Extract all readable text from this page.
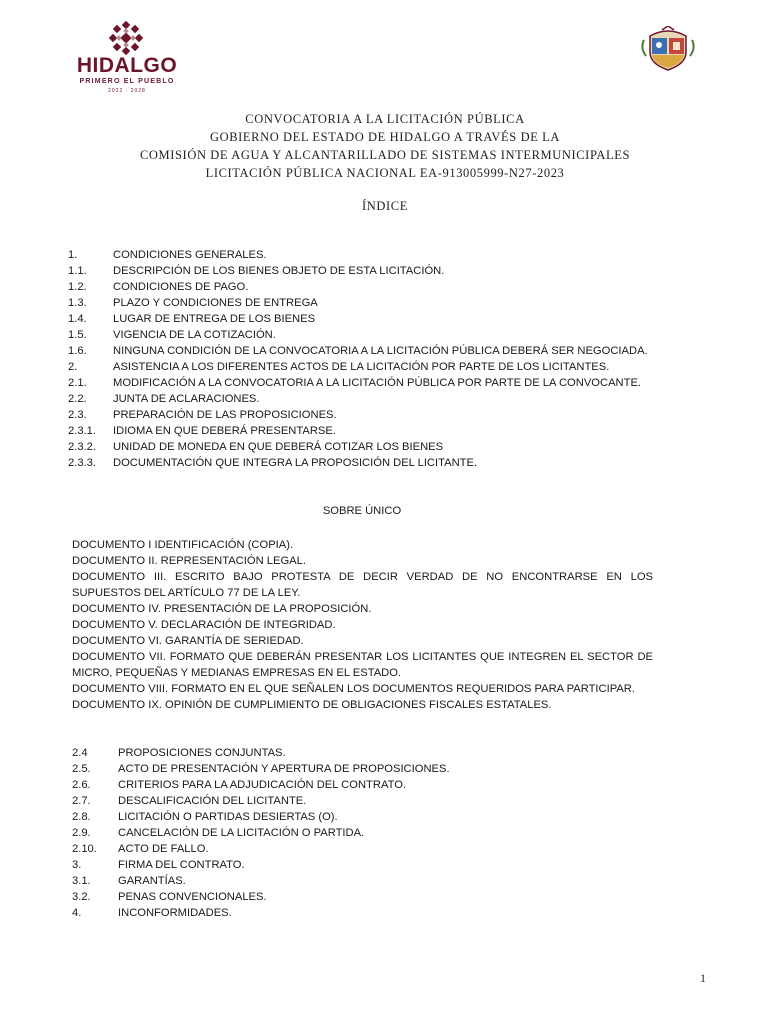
HIDALGO
PRIMERO EL PUEBLO
2022 · 2028
CONVOCATORIA A LA LICITACIÓN PÚBLICA
GOBIERNO DEL ESTADO DE HIDALGO A TRAVÉS DE LA
COMISIÓN DE AGUA Y ALCANTARILLADO DE SISTEMAS INTERMUNICIPALES
LICITACIÓN PÚBLICA NACIONAL EA-913005999-N27-2023
ÍNDICE
1.	CONDICIONES GENERALES.
1.1.	DESCRIPCIÓN DE LOS BIENES OBJETO DE ESTA LICITACIÓN.
1.2.	CONDICIONES DE PAGO.
1.3.	PLAZO Y CONDICIONES DE ENTREGA
1.4.	LUGAR DE ENTREGA DE LOS BIENES
1.5.	VIGENCIA DE LA COTIZACIÓN.
1.6.	NINGUNA CONDICIÓN DE LA CONVOCATORIA A LA LICITACIÓN PÚBLICA DEBERÁ SER NEGOCIADA.
2.	ASISTENCIA A LOS DIFERENTES ACTOS DE LA LICITACIÓN POR PARTE DE LOS LICITANTES.
2.1.	MODIFICACIÓN A LA CONVOCATORIA A LA LICITACIÓN PÚBLICA POR PARTE DE LA CONVOCANTE.
2.2.	JUNTA DE ACLARACIONES.
2.3.	PREPARACIÓN DE LAS PROPOSICIONES.
2.3.1.	IDIOMA EN QUE DEBERÁ PRESENTARSE.
2.3.2.	UNIDAD DE MONEDA EN QUE DEBERÁ COTIZAR LOS BIENES
2.3.3.	DOCUMENTACIÓN QUE INTEGRA LA PROPOSICIÓN DEL LICITANTE.
SOBRE ÚNICO
DOCUMENTO I IDENTIFICACIÓN (COPIA).
DOCUMENTO II. REPRESENTACIÓN LEGAL.
DOCUMENTO III. ESCRITO BAJO PROTESTA DE DECIR VERDAD DE NO ENCONTRARSE EN LOS SUPUESTOS DEL ARTÍCULO 77 DE LA LEY.
DOCUMENTO IV. PRESENTACIÓN DE LA PROPOSICIÓN.
DOCUMENTO V. DECLARACIÓN DE INTEGRIDAD.
DOCUMENTO VI. GARANTÍA DE SERIEDAD.
DOCUMENTO VII. FORMATO QUE DEBERÁN PRESENTAR LOS LICITANTES QUE INTEGREN EL SECTOR DE MICRO, PEQUEÑAS Y MEDIANAS EMPRESAS EN EL ESTADO.
DOCUMENTO VIII. FORMATO EN EL QUE SEÑALEN LOS DOCUMENTOS REQUERIDOS PARA PARTICIPAR.
DOCUMENTO IX. OPINIÓN DE CUMPLIMIENTO DE OBLIGACIONES FISCALES ESTATALES.
2.4	PROPOSICIONES CONJUNTAS.
2.5.	ACTO DE PRESENTACIÓN Y APERTURA DE PROPOSICIONES.
2.6.	CRITERIOS PARA LA ADJUDICACIÓN DEL CONTRATO.
2.7.	DESCALIFICACIÓN DEL LICITANTE.
2.8.	LICITACIÓN O PARTIDAS DESIERTAS (O).
2.9.	CANCELACIÓN DE LA LICITACIÓN O PARTIDA.
2.10.	ACTO DE FALLO.
3.	FIRMA DEL CONTRATO.
3.1.	GARANTÍAS.
3.2.	PENAS CONVENCIONALES.
4.	INCONFORMIDADES.
1
